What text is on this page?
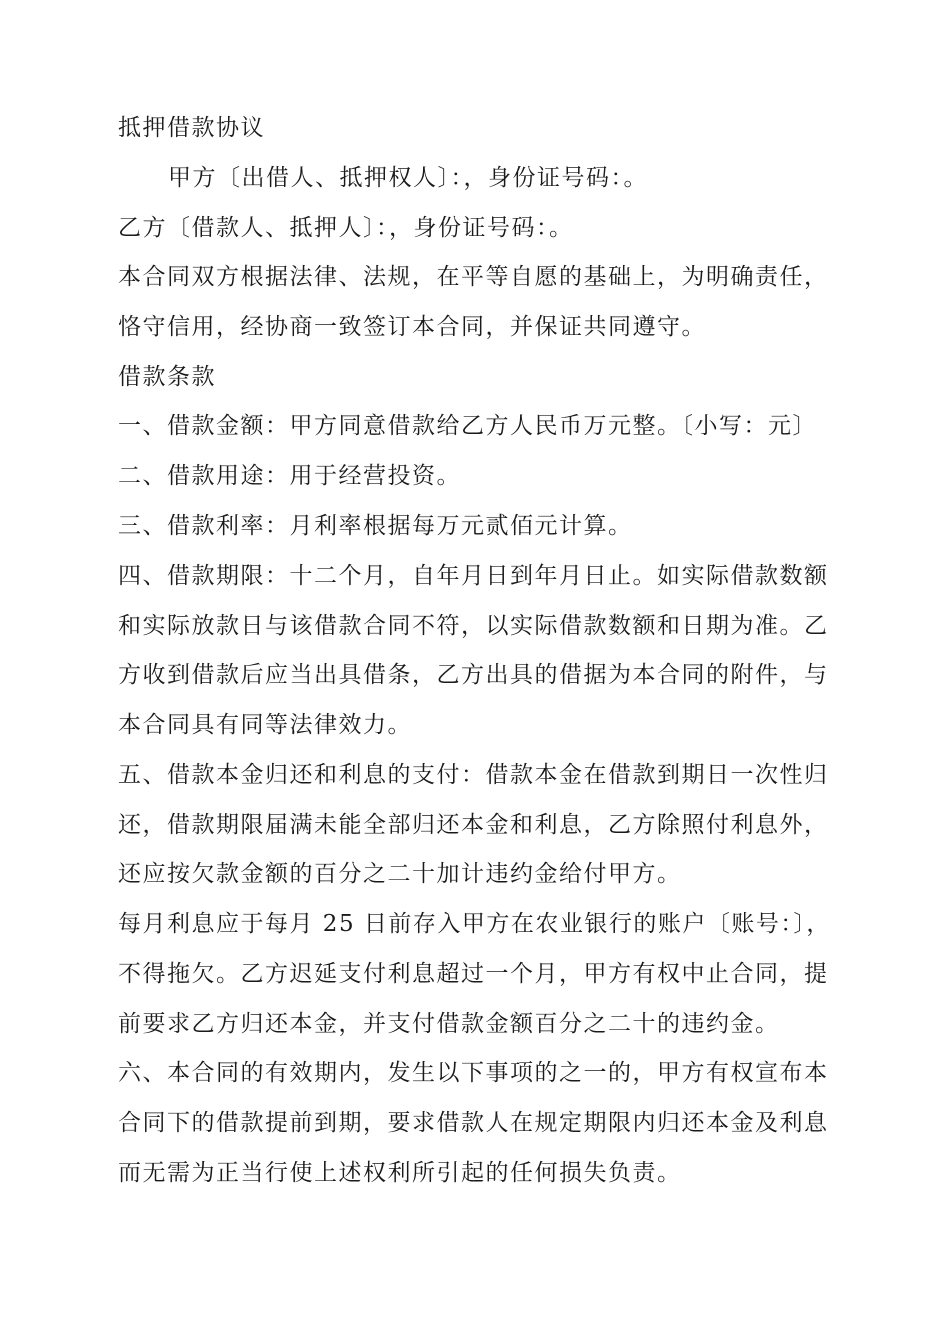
抵押借款协议
甲方〔出借人、抵押权人〕：，身份证号码：。
乙方〔借款人、抵押人〕：，身份证号码：。
本合同双方根据法律、法规，在平等自愿的基础上，为明确责任，
恪守信用，经协商一致签订本合同，并保证共同遵守。
借款条款
一、借款金额：甲方同意借款给乙方人民币万元整。〔小写：元〕
二、借款用途：用于经营投资。
三、借款利率：月利率根据每万元贰佰元计算。
四、借款期限：十二个月，自年月日到年月日止。如实际借款数额
和实际放款日与该借款合同不符，以实际借款数额和日期为准。乙
方收到借款后应当出具借条，乙方出具的借据为本合同的附件，与
本合同具有同等法律效力。
五、借款本金归还和利息的支付：借款本金在借款到期日一次性归
还，借款期限届满未能全部归还本金和利息，乙方除照付利息外，
还应按欠款金额的百分之二十加计违约金给付甲方。
每月利息应于每月 25 日前存入甲方在农业银行的账户〔账号：〕，
不得拖欠。乙方迟延支付利息超过一个月，甲方有权中止合同，提
前要求乙方归还本金，并支付借款金额百分之二十的违约金。
六、本合同的有效期内，发生以下事项的之一的，甲方有权宣布本
合同下的借款提前到期，要求借款人在规定期限内归还本金及利息
而无需为正当行使上述权利所引起的任何损失负责。
